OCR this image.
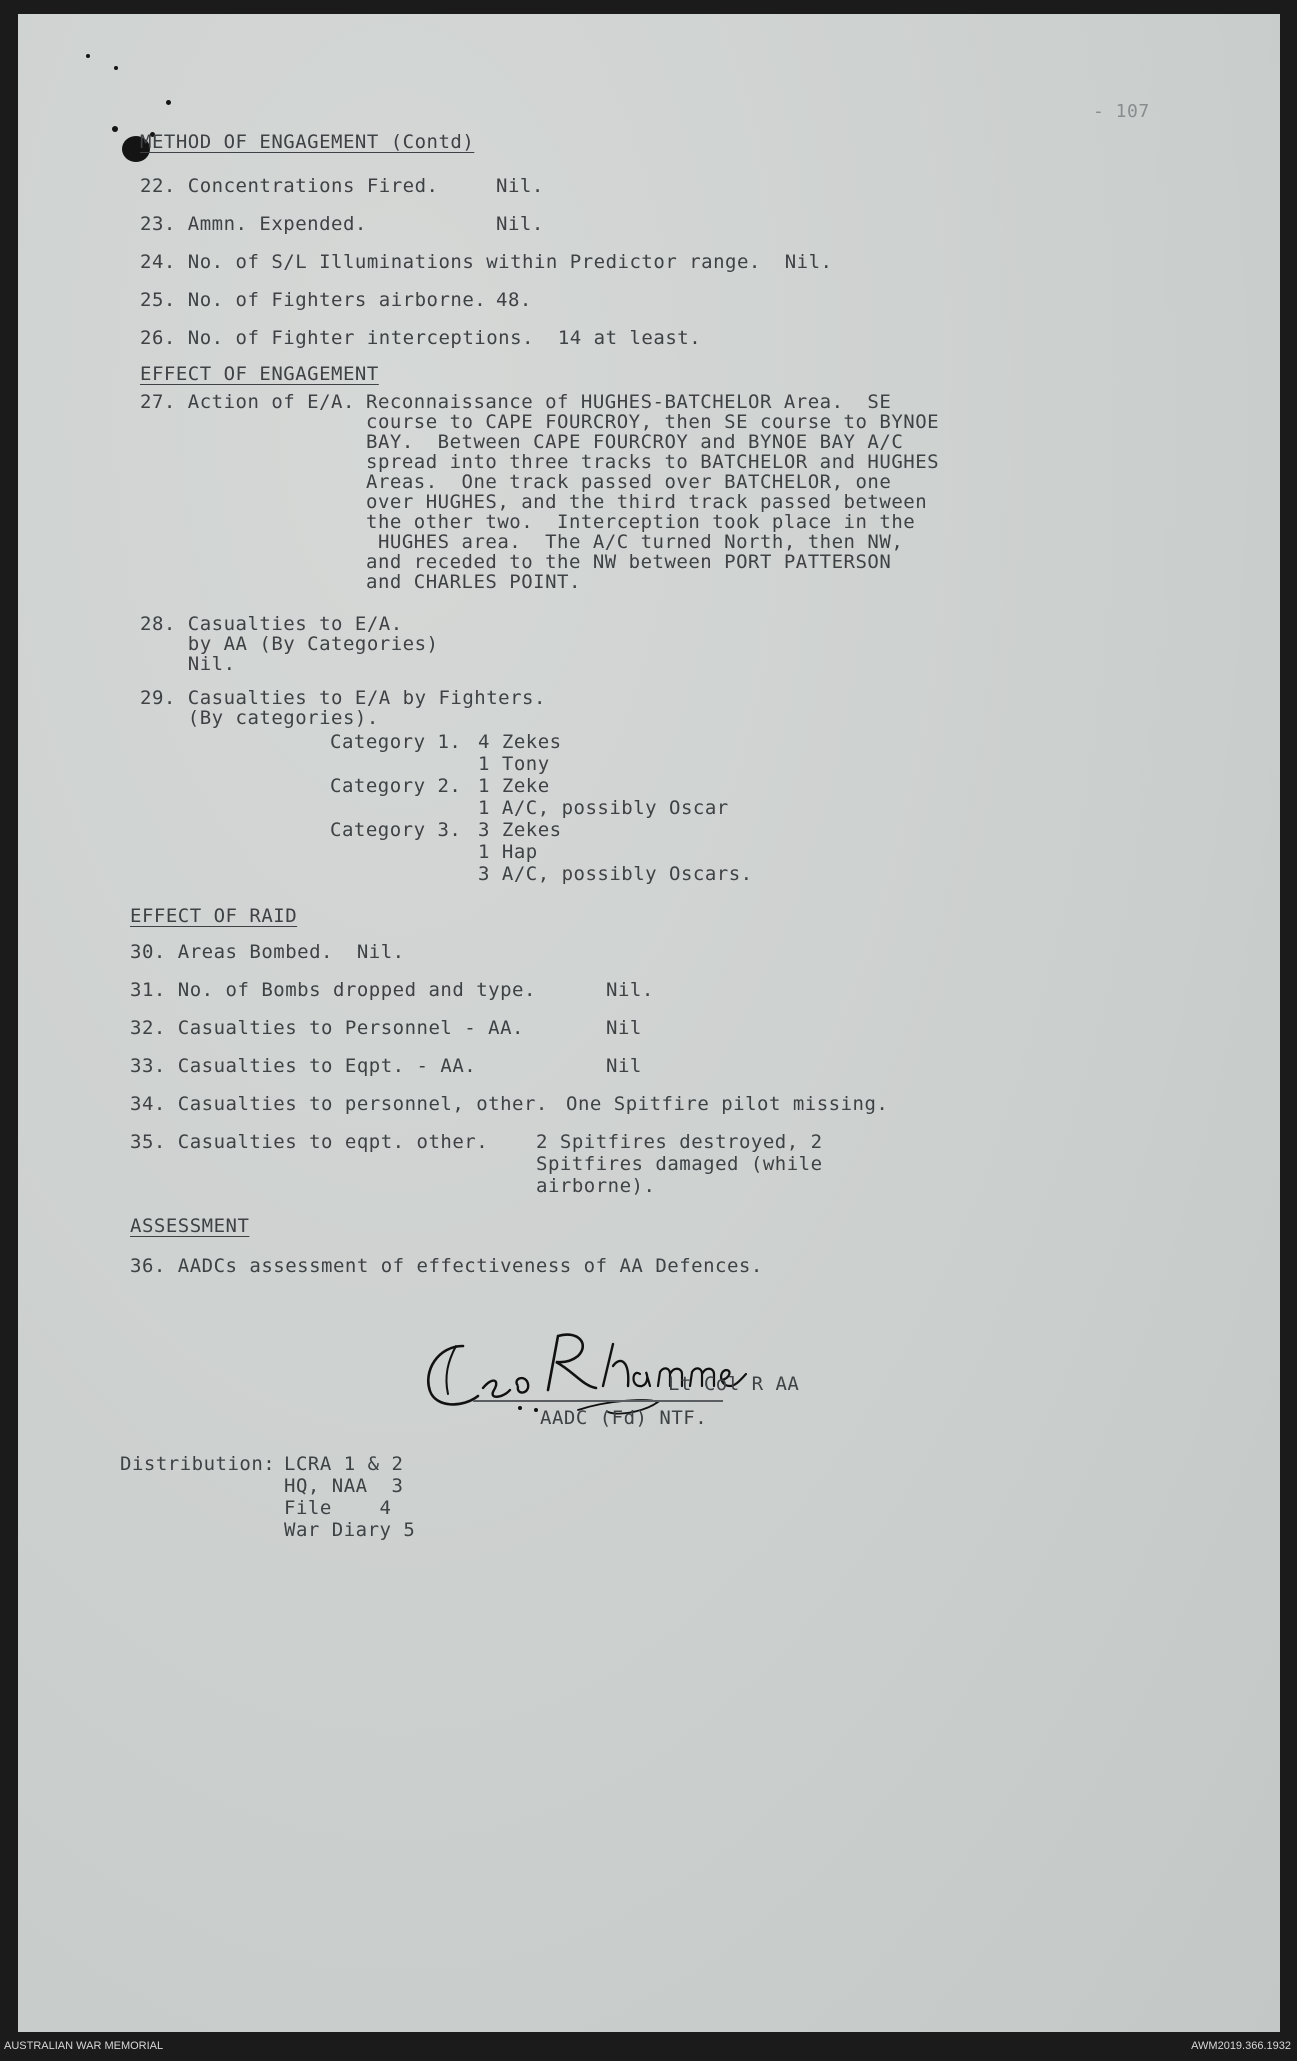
- 107
METHOD OF ENGAGEMENT (Contd)
22. Concentrations Fired.	Nil.
23. Ammn. Expended.	Nil.
24. No. of S/L Illuminations within Predictor range.  Nil.
25. No. of Fighters airborne. 48.
26. No. of Fighter interceptions.  14 at least.
EFFECT OF ENGAGEMENT
27. Action of E/A. Reconnaissance of HUGHES-BATCHELOR Area.  SE
course to CAPE FOURCROY, then SE course to BYNOE
BAY.  Between CAPE FOURCROY and BYNOE BAY A/C
spread into three tracks to BATCHELOR and HUGHES
Areas.  One track passed over BATCHELOR, one
over HUGHES, and the third track passed between
the other two.  Interception took place in the
HUGHES area.  The A/C turned North, then NW,
and receded to the NW between PORT PATTERSON
and CHARLES POINT.
28. Casualties to E/A.
by AA (By Categories)
Nil.
29. Casualties to E/A by Fighters.
(By categories).
Category 1. 4 Zekes
1 Tony
Category 2. 1 Zeke
1 A/C, possibly Oscar
Category 3. 3 Zekes
1 Hap
3 A/C, possibly Oscars.
EFFECT OF RAID
30. Areas Bombed.  Nil.
31. No. of Bombs dropped and type.	Nil.
32. Casualties to Personnel - AA.	Nil
33. Casualties to Eqpt. - AA.	Nil
34. Casualties to personnel, other. One Spitfire pilot missing.
35. Casualties to eqpt. other.	2 Spitfires destroyed, 2
Spitfires damaged (while
airborne).
ASSESSMENT
36. AADCs assessment of effectiveness of AA Defences.
Lt Col R AA
AADC (Fd) NTF.
Distribution: LCRA 1 & 2
HQ, NAA  3
File    4
War Diary 5
AUSTRALIAN WAR MEMORIAL	AWM2019.366.1932
